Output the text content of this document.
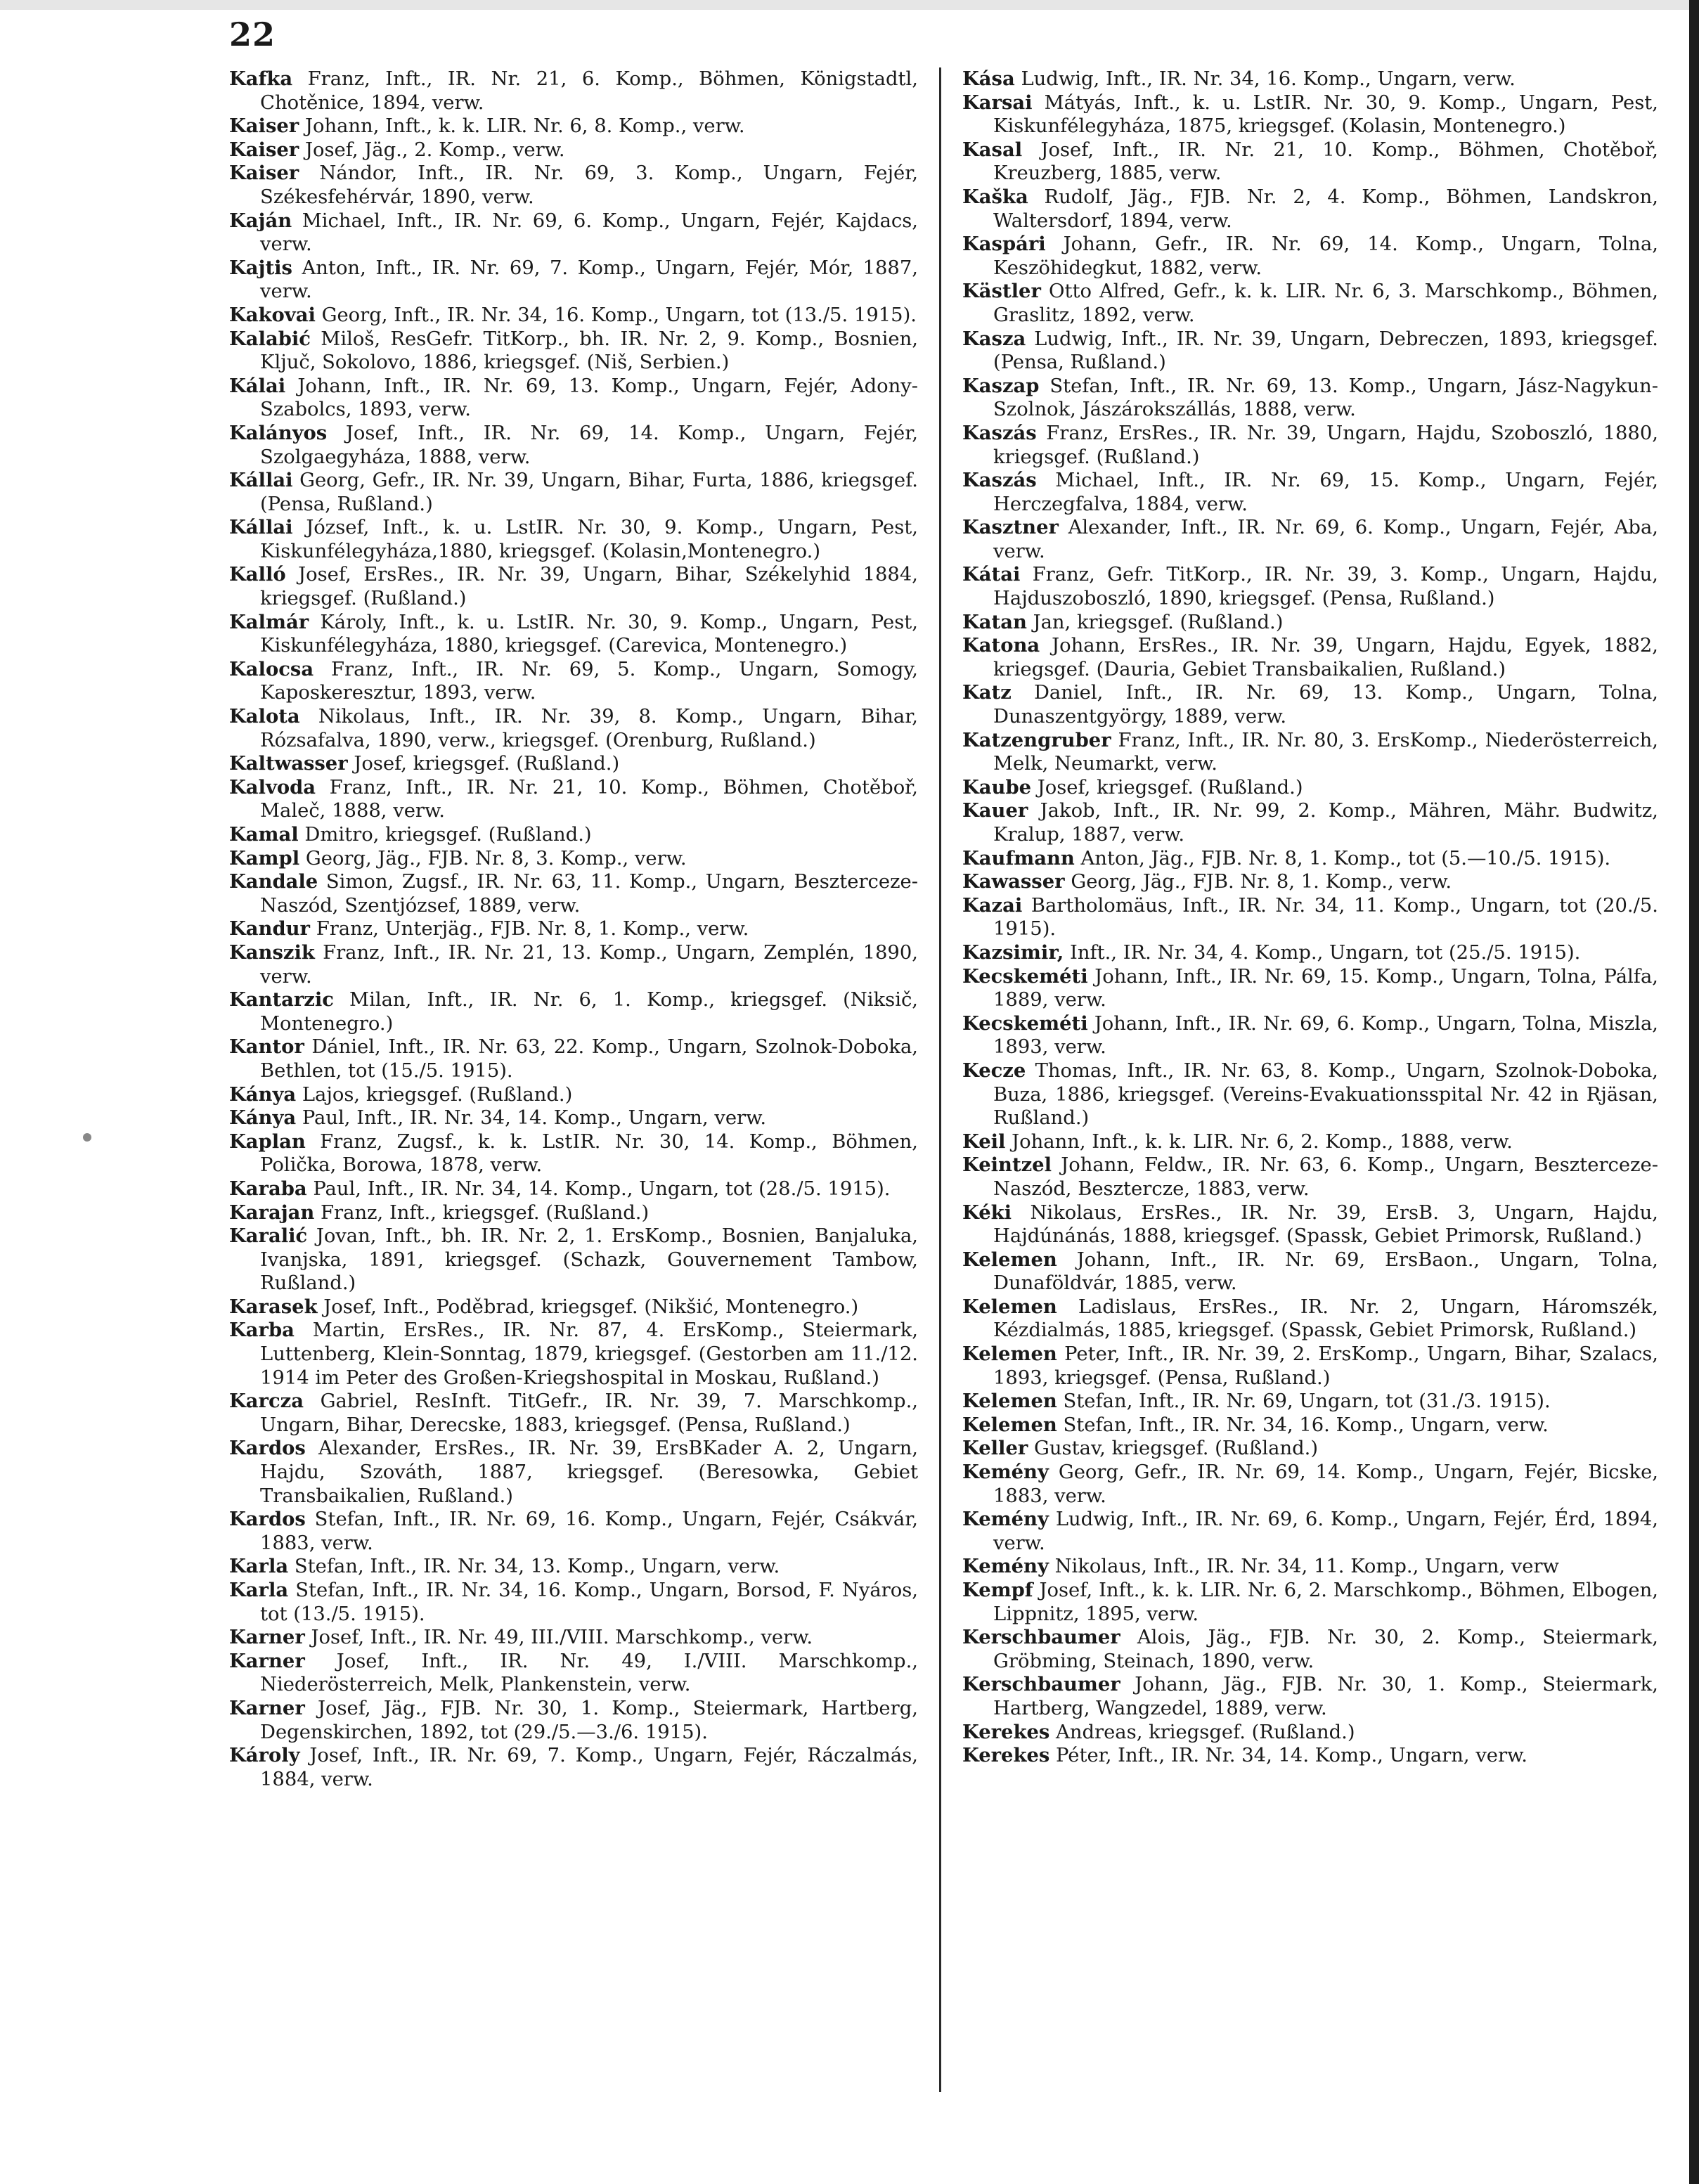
22
Kafka Franz, Inft., IR. Nr. 21, 6. Komp., Böhmen, Königstadtl, Chotěnice, 1894, verw.
Kaiser Johann, Inft., k. k. LIR. Nr. 6, 8. Komp., verw.
Kaiser Josef, Jäg., 2. Komp., verw.
Kaiser Nándor, Inft., IR. Nr. 69, 3. Komp., Ungarn, Fejér, Székesfehérvár, 1890, verw.
Kaján Michael, Inft., IR. Nr. 69, 6. Komp., Ungarn, Fejér, Kajdacs, verw.
Kajtis Anton, Inft., IR. Nr. 69, 7. Komp., Ungarn, Fejér, Mór, 1887, verw.
Kakovai Georg, Inft., IR. Nr. 34, 16. Komp., Ungarn, tot (13./5. 1915).
Kalabić Miloš, ResGefr. TitKorp., bh. IR. Nr. 2, 9. Komp., Bosnien, Ključ, Sokolovo, 1886, kriegsgef. (Niš, Serbien.)
Kálai Johann, Inft., IR. Nr. 69, 13. Komp., Ungarn, Fejér, Adony-Szabolcs, 1893, verw.
Kalányos Josef, Inft., IR. Nr. 69, 14. Komp., Ungarn, Fejér, Szolgaegyháza, 1888, verw.
Kállai Georg, Gefr., IR. Nr. 39, Ungarn, Bihar, Furta, 1886, kriegsgef. (Pensa, Rußland.)
Kállai József, Inft., k. u. LstIR. Nr. 30, 9. Komp., Ungarn, Pest, Kiskunfélegyháza,1880, kriegsgef. (Kolasin,Montenegro.)
Kalló Josef, ErsRes., IR. Nr. 39, Ungarn, Bihar, Székelyhid 1884, kriegsgef. (Rußland.)
Kalmár Károly, Inft., k. u. LstIR. Nr. 30, 9. Komp., Ungarn, Pest, Kiskunfélegyháza, 1880, kriegsgef. (Carevica, Montenegro.)
Kalocsa Franz, Inft., IR. Nr. 69, 5. Komp., Ungarn, Somogy, Kaposkeresztur, 1893, verw.
Kalota Nikolaus, Inft., IR. Nr. 39, 8. Komp., Ungarn, Bihar, Rózsafalva, 1890, verw., kriegsgef. (Orenburg, Rußland.)
Kaltwasser Josef, kriegsgef. (Rußland.)
Kalvoda Franz, Inft., IR. Nr. 21, 10. Komp., Böhmen, Chotěboř, Maleč, 1888, verw.
Kamal Dmitro, kriegsgef. (Rußland.)
Kampl Georg, Jäg., FJB. Nr. 8, 3. Komp., verw.
Kandale Simon, Zugsf., IR. Nr. 63, 11. Komp., Ungarn, Beszterceze-Naszód, Szentjózsef, 1889, verw.
Kandur Franz, Unterjäg., FJB. Nr. 8, 1. Komp., verw.
Kanszik Franz, Inft., IR. Nr. 21, 13. Komp., Ungarn, Zemplén, 1890, verw.
Kantarzic Milan, Inft., IR. Nr. 6, 1. Komp., kriegsgef. (Niksič, Montenegro.)
Kantor Dániel, Inft., IR. Nr. 63, 22. Komp., Ungarn, Szolnok-Doboka, Bethlen, tot (15./5. 1915).
Kánya Lajos, kriegsgef. (Rußland.)
Kánya Paul, Inft., IR. Nr. 34, 14. Komp., Ungarn, verw.
Kaplan Franz, Zugsf., k. k. LstIR. Nr. 30, 14. Komp., Böhmen, Polička, Borowa, 1878, verw.
Karaba Paul, Inft., IR. Nr. 34, 14. Komp., Ungarn, tot (28./5. 1915).
Karajan Franz, Inft., kriegsgef. (Rußland.)
Karalić Jovan, Inft., bh. IR. Nr. 2, 1. ErsKomp., Bosnien, Banjaluka, Ivanjska, 1891, kriegsgef. (Schazk, Gouvernement Tambow, Rußland.)
Karasek Josef, Inft., Poděbrad, kriegsgef. (Nikšić, Montenegro.)
Karba Martin, ErsRes., IR. Nr. 87, 4. ErsKomp., Steiermark, Luttenberg, Klein-Sonntag, 1879, kriegsgef. (Gestorben am 11./12. 1914 im Peter des Großen-Kriegshospital in Moskau, Rußland.)
Karcza Gabriel, ResInft. TitGefr., IR. Nr. 39, 7. Marschkomp., Ungarn, Bihar, Derecske, 1883, kriegsgef. (Pensa, Rußland.)
Kardos Alexander, ErsRes., IR. Nr. 39, ErsBKader A. 2, Ungarn, Hajdu, Szováth, 1887, kriegsgef. (Beresowka, Gebiet Transbaikalien, Rußland.)
Kardos Stefan, Inft., IR. Nr. 69, 16. Komp., Ungarn, Fejér, Csákvár, 1883, verw.
Karla Stefan, Inft., IR. Nr. 34, 13. Komp., Ungarn, verw.
Karla Stefan, Inft., IR. Nr. 34, 16. Komp., Ungarn, Borsod, F. Nyáros, tot (13./5. 1915).
Karner Josef, Inft., IR. Nr. 49, III./VIII. Marschkomp., verw.
Karner Josef, Inft., IR. Nr. 49, I./VIII. Marschkomp., Niederösterreich, Melk, Plankenstein, verw.
Karner Josef, Jäg., FJB. Nr. 30, 1. Komp., Steiermark, Hartberg, Degenskirchen, 1892, tot (29./5.—3./6. 1915).
Károly Josef, Inft., IR. Nr. 69, 7. Komp., Ungarn, Fejér, Ráczalmás, 1884, verw.
Kása Ludwig, Inft., IR. Nr. 34, 16. Komp., Ungarn, verw.
Karsai Mátyás, Inft., k. u. LstIR. Nr. 30, 9. Komp., Ungarn, Pest, Kiskunfélegyháza, 1875, kriegsgef. (Kolasin, Montenegro.)
Kasal Josef, Inft., IR. Nr. 21, 10. Komp., Böhmen, Chotěboř, Kreuzberg, 1885, verw.
Kaška Rudolf, Jäg., FJB. Nr. 2, 4. Komp., Böhmen, Landskron, Waltersdorf, 1894, verw.
Kaspári Johann, Gefr., IR. Nr. 69, 14. Komp., Ungarn, Tolna, Keszöhidegkut, 1882, verw.
Kästler Otto Alfred, Gefr., k. k. LIR. Nr. 6, 3. Marschkomp., Böhmen, Graslitz, 1892, verw.
Kasza Ludwig, Inft., IR. Nr. 39, Ungarn, Debreczen, 1893, kriegsgef. (Pensa, Rußland.)
Kaszap Stefan, Inft., IR. Nr. 69, 13. Komp., Ungarn, Jász-Nagykun-Szolnok, Jászárokszállás, 1888, verw.
Kaszás Franz, ErsRes., IR. Nr. 39, Ungarn, Hajdu, Szoboszló, 1880, kriegsgef. (Rußland.)
Kaszás Michael, Inft., IR. Nr. 69, 15. Komp., Ungarn, Fejér, Herczegfalva, 1884, verw.
Kasztner Alexander, Inft., IR. Nr. 69, 6. Komp., Ungarn, Fejér, Aba, verw.
Kátai Franz, Gefr. TitKorp., IR. Nr. 39, 3. Komp., Ungarn, Hajdu, Hajduszoboszló, 1890, kriegsgef. (Pensa, Rußland.)
Katan Jan, kriegsgef. (Rußland.)
Katona Johann, ErsRes., IR. Nr. 39, Ungarn, Hajdu, Egyek, 1882, kriegsgef. (Dauria, Gebiet Transbaikalien, Rußland.)
Katz Daniel, Inft., IR. Nr. 69, 13. Komp., Ungarn, Tolna, Dunaszentgyörgy, 1889, verw.
Katzengruber Franz, Inft., IR. Nr. 80, 3. ErsKomp., Niederösterreich, Melk, Neumarkt, verw.
Kaube Josef, kriegsgef. (Rußland.)
Kauer Jakob, Inft., IR. Nr. 99, 2. Komp., Mähren, Mähr. Budwitz, Kralup, 1887, verw.
Kaufmann Anton, Jäg., FJB. Nr. 8, 1. Komp., tot (5.—10./5. 1915).
Kawasser Georg, Jäg., FJB. Nr. 8, 1. Komp., verw.
Kazai Bartholomäus, Inft., IR. Nr. 34, 11. Komp., Ungarn, tot (20./5. 1915).
Kazsimir, Inft., IR. Nr. 34, 4. Komp., Ungarn, tot (25./5. 1915).
Kecskeméti Johann, Inft., IR. Nr. 69, 15. Komp., Ungarn, Tolna, Pálfa, 1889, verw.
Kecskeméti Johann, Inft., IR. Nr. 69, 6. Komp., Ungarn, Tolna, Miszla, 1893, verw.
Kecze Thomas, Inft., IR. Nr. 63, 8. Komp., Ungarn, Szolnok-Doboka, Buza, 1886, kriegsgef. (Vereins-Evakuationsspital Nr. 42 in Rjäsan, Rußland.)
Keil Johann, Inft., k. k. LIR. Nr. 6, 2. Komp., 1888, verw.
Keintzel Johann, Feldw., IR. Nr. 63, 6. Komp., Ungarn, Beszterceze-Naszód, Besztercze, 1883, verw.
Kéki Nikolaus, ErsRes., IR. Nr. 39, ErsB. 3, Ungarn, Hajdu, Hajdúnánás, 1888, kriegsgef. (Spassk, Gebiet Primorsk, Rußland.)
Kelemen Johann, Inft., IR. Nr. 69, ErsBaon., Ungarn, Tolna, Dunaföldvár, 1885, verw.
Kelemen Ladislaus, ErsRes., IR. Nr. 2, Ungarn, Háromszék, Kézdialmás, 1885, kriegsgef. (Spassk, Gebiet Primorsk, Rußland.)
Kelemen Peter, Inft., IR. Nr. 39, 2. ErsKomp., Ungarn, Bihar, Szalacs, 1893, kriegsgef. (Pensa, Rußland.)
Kelemen Stefan, Inft., IR. Nr. 69, Ungarn, tot (31./3. 1915).
Kelemen Stefan, Inft., IR. Nr. 34, 16. Komp., Ungarn, verw.
Keller Gustav, kriegsgef. (Rußland.)
Kemény Georg, Gefr., IR. Nr. 69, 14. Komp., Ungarn, Fejér, Bicske, 1883, verw.
Kemény Ludwig, Inft., IR. Nr. 69, 6. Komp., Ungarn, Fejér, Érd, 1894, verw.
Kemény Nikolaus, Inft., IR. Nr. 34, 11. Komp., Ungarn, verw
Kempf Josef, Inft., k. k. LIR. Nr. 6, 2. Marschkomp., Böhmen, Elbogen, Lippnitz, 1895, verw.
Kerschbaumer Alois, Jäg., FJB. Nr. 30, 2. Komp., Steiermark, Gröbming, Steinach, 1890, verw.
Kerschbaumer Johann, Jäg., FJB. Nr. 30, 1. Komp., Steiermark, Hartberg, Wangzedel, 1889, verw.
Kerekes Andreas, kriegsgef. (Rußland.)
Kerekes Péter, Inft., IR. Nr. 34, 14. Komp., Ungarn, verw.
